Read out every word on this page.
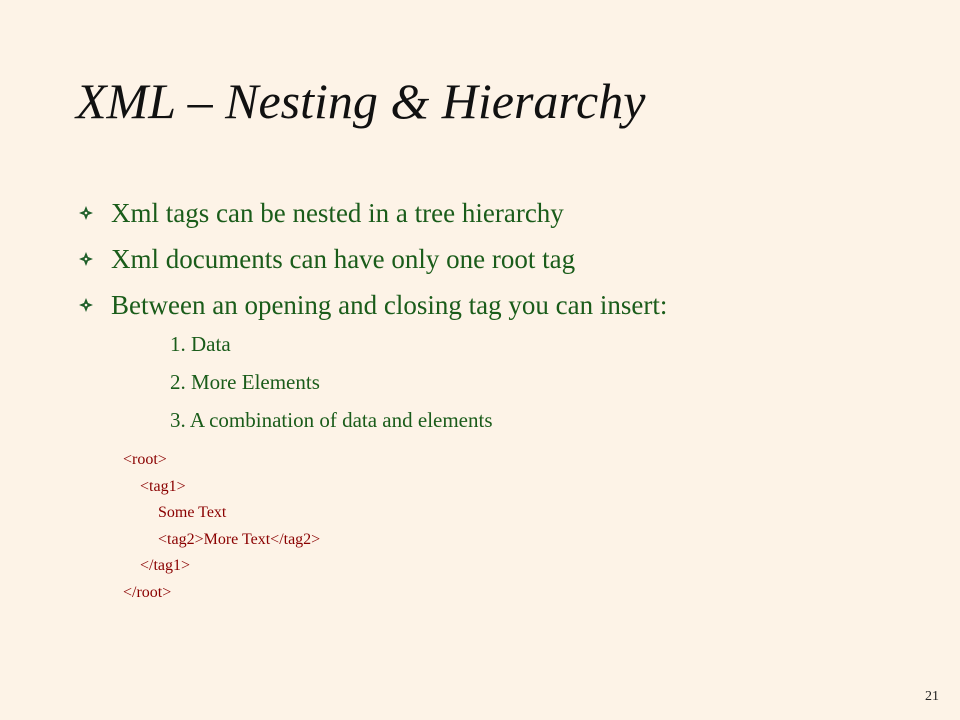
XML – Nesting & Hierarchy
Xml tags can be nested in a tree hierarchy
Xml documents can have only one root tag
Between an opening and closing tag you can insert:
1. Data
2. More Elements
3. A combination of data and elements
<root>
<tag1>
Some Text
<tag2>More Text</tag2>
</tag1>
</root>
21
